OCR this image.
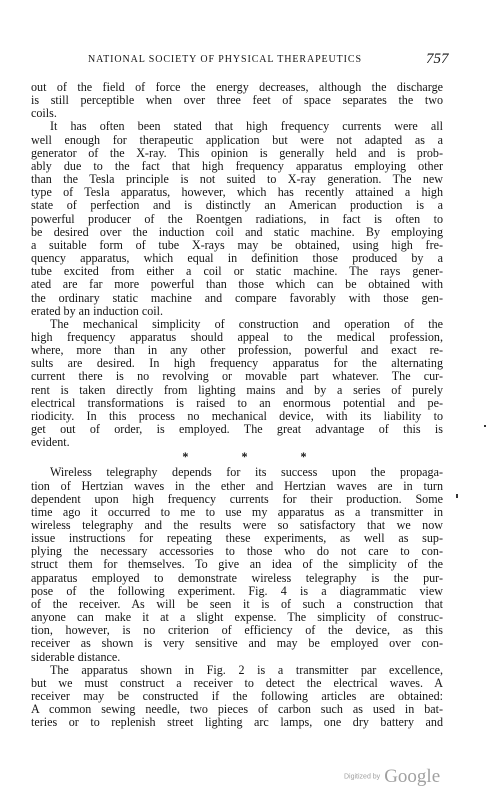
NATIONAL SOCIETY OF PHYSICAL THERAPEUTICS	757
out of the field of force the energy decreases, although the discharge
is still perceptible when over three feet of space separates the two
coils.
It has often been stated that high frequency currents were all
well enough for therapeutic application but were not adapted as a
generator of the X-ray. This opinion is generally held and is prob-
ably due to the fact that high frequency apparatus employing other
than the Tesla principle is not suited to X-ray generation. The new
type of Tesla apparatus, however, which has recently attained a high
state of perfection and is distinctly an American production is a
powerful producer of the Roentgen radiations, in fact is often to
be desired over the induction coil and static machine. By employing
a suitable form of tube X-rays may be obtained, using high fre-
quency apparatus, which equal in definition those produced by a
tube excited from either a coil or static machine. The rays gener-
ated are far more powerful than those which can be obtained with
the ordinary static machine and compare favorably with those gen-
erated by an induction coil.
The mechanical simplicity of construction and operation of the
high frequency apparatus should appeal to the medical profession,
where, more than in any other profession, powerful and exact re-
sults are desired. In high frequency apparatus for the alternating
current there is no revolving or movable part whatever. The cur-
rent is taken directly from lighting mains and by a series of purely
electrical transformations is raised to an enormous potential and pe-
riodicity. In this process no mechanical device, with its liability to
get out of order, is employed. The great advantage of this is
evident.
* * *
Wireless telegraphy depends for its success upon the propaga-
tion of Hertzian waves in the ether and Hertzian waves are in turn
dependent upon high frequency currents for their production. Some
time ago it occurred to me to use my apparatus as a transmitter in
wireless telegraphy and the results were so satisfactory that we now
issue instructions for repeating these experiments, as well as sup-
plying the necessary accessories to those who do not care to con-
struct them for themselves. To give an idea of the simplicity of the
apparatus employed to demonstrate wireless telegraphy is the pur-
pose of the following experiment. Fig. 4 is a diagrammatic view
of the receiver. As will be seen it is of such a construction that
anyone can make it at a slight expense. The simplicity of construc-
tion, however, is no criterion of efficiency of the device, as this
receiver as shown is very sensitive and may be employed over con-
siderable distance.
The apparatus shown in Fig. 2 is a transmitter par excellence,
but we must construct a receiver to detect the electrical waves. A
receiver may be constructed if the following articles are obtained:
A common sewing needle, two pieces of carbon such as used in bat-
teries or to replenish street lighting arc lamps, one dry battery and
Digitized by Google
